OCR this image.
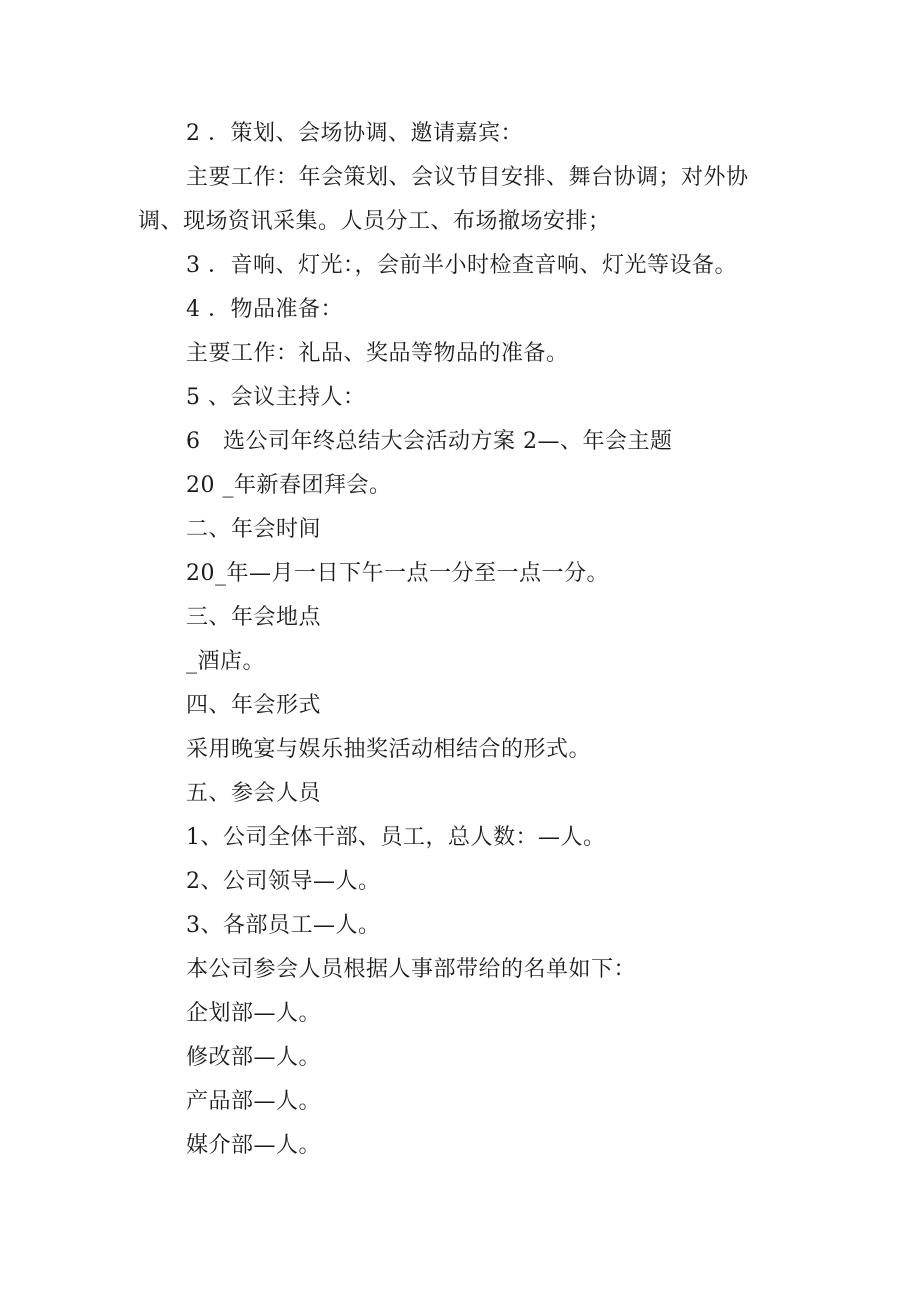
2 ．策划、会场协调、邀请嘉宾：
主要工作：年会策划、会议节目安排、舞台协调；对外协
调、现场资讯采集。人员分工、布场撤场安排；
3 ．音响、灯光：，会前半小时检查音响、灯光等设备。
4 ．物品准备：
主要工作：礼品、奖品等物品的准备。
5 、会议主持人：
6　选公司年终总结大会活动方案 2—、年会主题
20 _年新春团拜会。
二、年会时间
20_年—月一日下午一点一分至一点一分。
三、年会地点
_酒店。
四、年会形式
采用晚宴与娱乐抽奖活动相结合的形式。
五、参会人员
1、公司全体干部、员工，总人数：—人。
2、公司领导—人。
3、各部员工—人。
本公司参会人员根据人事部带给的名单如下：
企划部—人。
修改部—人。
产品部—人。
媒介部—人。
